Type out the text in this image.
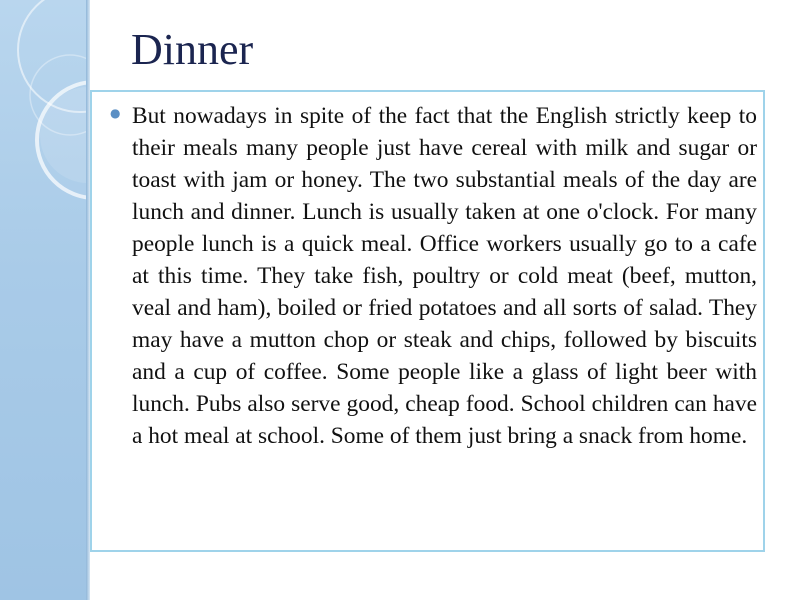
Dinner
● But nowadays in spite of the fact that the English strictly keep to their meals many people just have cereal with milk and sugar or toast with jam or honey. The two substantial meals of the day are lunch and dinner. Lunch is usually taken at one o'clock. For many people lunch is a quick meal. Office workers usually go to a cafe at this time. They take fish, poultry or cold meat (beef, mutton, veal and ham), boiled or fried potatoes and all sorts of salad. They may have a mutton chop or steak and chips, followed by biscuits and a cup of coffee. Some people like a glass of light beer with lunch. Pubs also serve good, cheap food. School children can have a hot meal at school. Some of them just bring a snack from home.
